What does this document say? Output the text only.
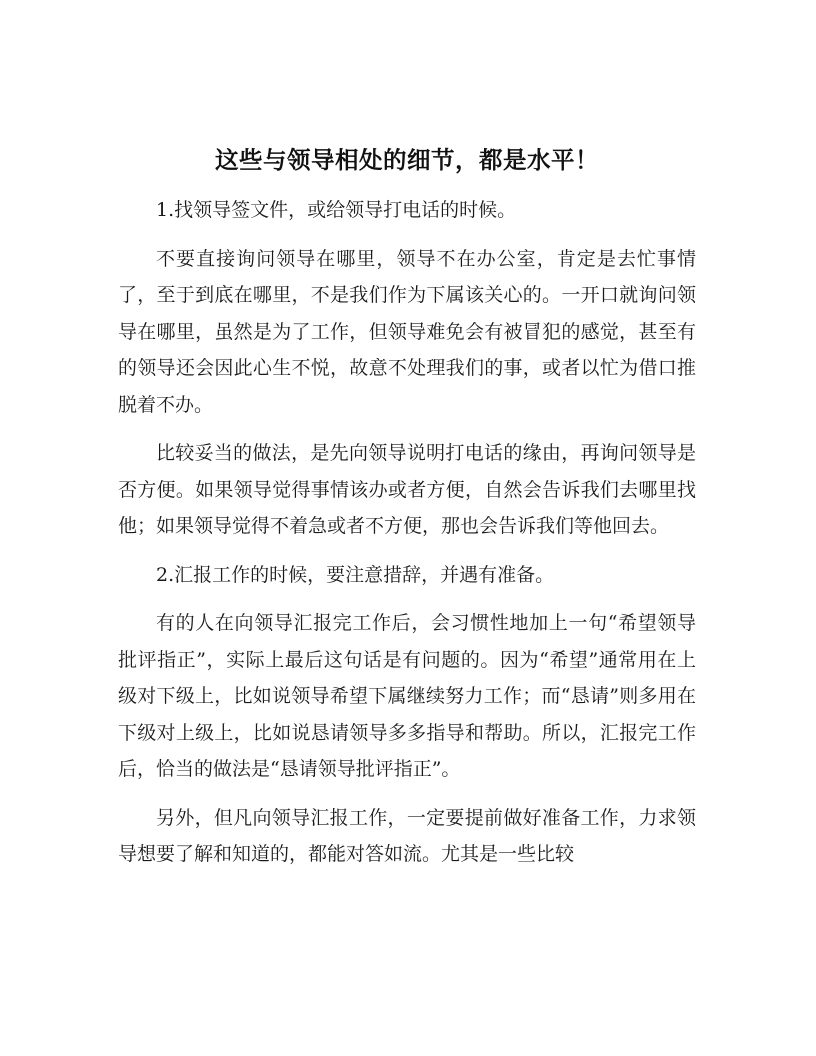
这些与领导相处的细节，都是水平！

1.找领导签文件，或给领导打电话的时候。

不要直接询问领导在哪里，领导不在办公室，肯定是去忙事情了，至于到底在哪里，不是我们作为下属该关心的。一开口就询问领导在哪里，虽然是为了工作，但领导难免会有被冒犯的感觉，甚至有的领导还会因此心生不悦，故意不处理我们的事，或者以忙为借口推脱着不办。

比较妥当的做法，是先向领导说明打电话的缘由，再询问领导是否方便。如果领导觉得事情该办或者方便，自然会告诉我们去哪里找他；如果领导觉得不着急或者不方便，那也会告诉我们等他回去。

2.汇报工作的时候，要注意措辞，并遇有准备。

有的人在向领导汇报完工作后，会习惯性地加上一句“希望领导批评指正”，实际上最后这句话是有问题的。因为“希望”通常用在上级对下级上，比如说领导希望下属继续努力工作；而“恳请”则多用在下级对上级上，比如说恳请领导多多指导和帮助。所以，汇报完工作后，恰当的做法是“恳请领导批评指正”。

另外，但凡向领导汇报工作，一定要提前做好准备工作，力求领导想要了解和知道的，都能对答如流。尤其是一些比较
